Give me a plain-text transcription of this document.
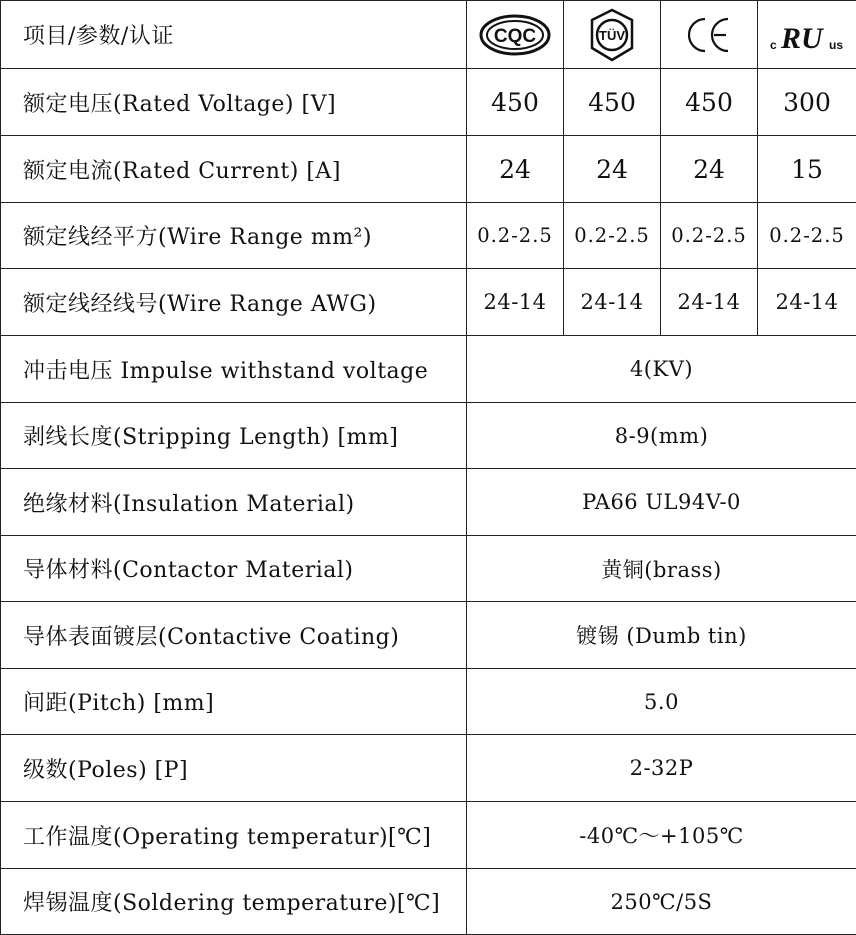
项目/参数/认证	CQC	TÜV		c RU us

额定电压(Rated Voltage) [V]	450	450	450	300
额定电流(Rated Current) [A]	24	24	24	15
额定线经平方(Wire Range mm²)	0.2-2.5	0.2-2.5	0.2-2.5	0.2-2.5
额定线经线号(Wire Range AWG)	24-14	24-14	24-14	24-14
冲击电压 Impulse withstand voltage	4(KV)			
剥线长度(Stripping Length) [mm]	8-9(mm)			
绝缘材料(Insulation Material)	PA66 UL94V-0			
导体材料(Contactor Material)	黄铜(brass)			
导体表面镀层(Contactive Coating)	镀锡 (Dumb tin)			
间距(Pitch) [mm]	5.0			
级数(Poles) [P]	2-32P			
工作温度(Operating temperatur)[℃]	-40℃～+105℃			
焊锡温度(Soldering temperature)[℃]	250℃/5S			
